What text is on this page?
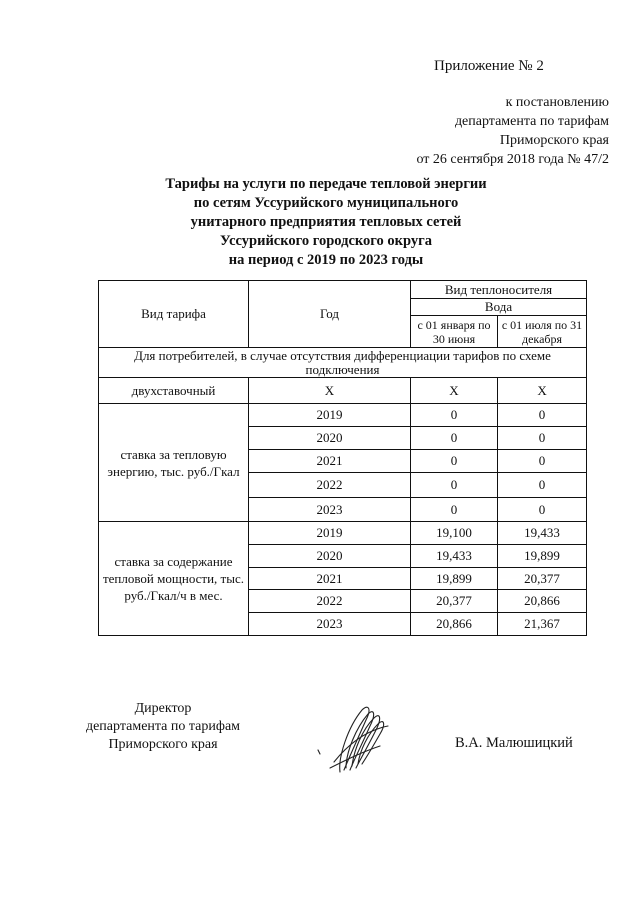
Приложение № 2
к постановлению
департамента по тарифам
Приморского края
от 26 сентября 2018 года № 47/2
Тарифы на услуги по передаче тепловой энергии
по сетям Уссурийского муниципального
унитарного предприятия тепловых сетей
Уссурийского городского округа
на период с 2019 по 2023 годы
Вид тарифа	Год	Вид теплоносителя	
		Вода	
		с 01 января по 30 июня	с 01 июля по 31 декабря
Для потребителей, в случае отсутствия дифференциации тарифов по схеме подключения			
двухставочный	Х	Х	Х
ставка за тепловую энергию, тыс. руб./Гкал	2019	0	0
	2020	0	0
	2021	0	0
	2022	0	0
	2023	0	0
ставка за содержание тепловой мощности, тыс. руб./Гкал/ч в мес.	2019	19,100	19,433
	2020	19,433	19,899
	2021	19,899	20,377
	2022	20,377	20,866
	2023	20,866	21,367
Директор
департамента по тарифам
Приморского края	В.А. Малюшицкий
